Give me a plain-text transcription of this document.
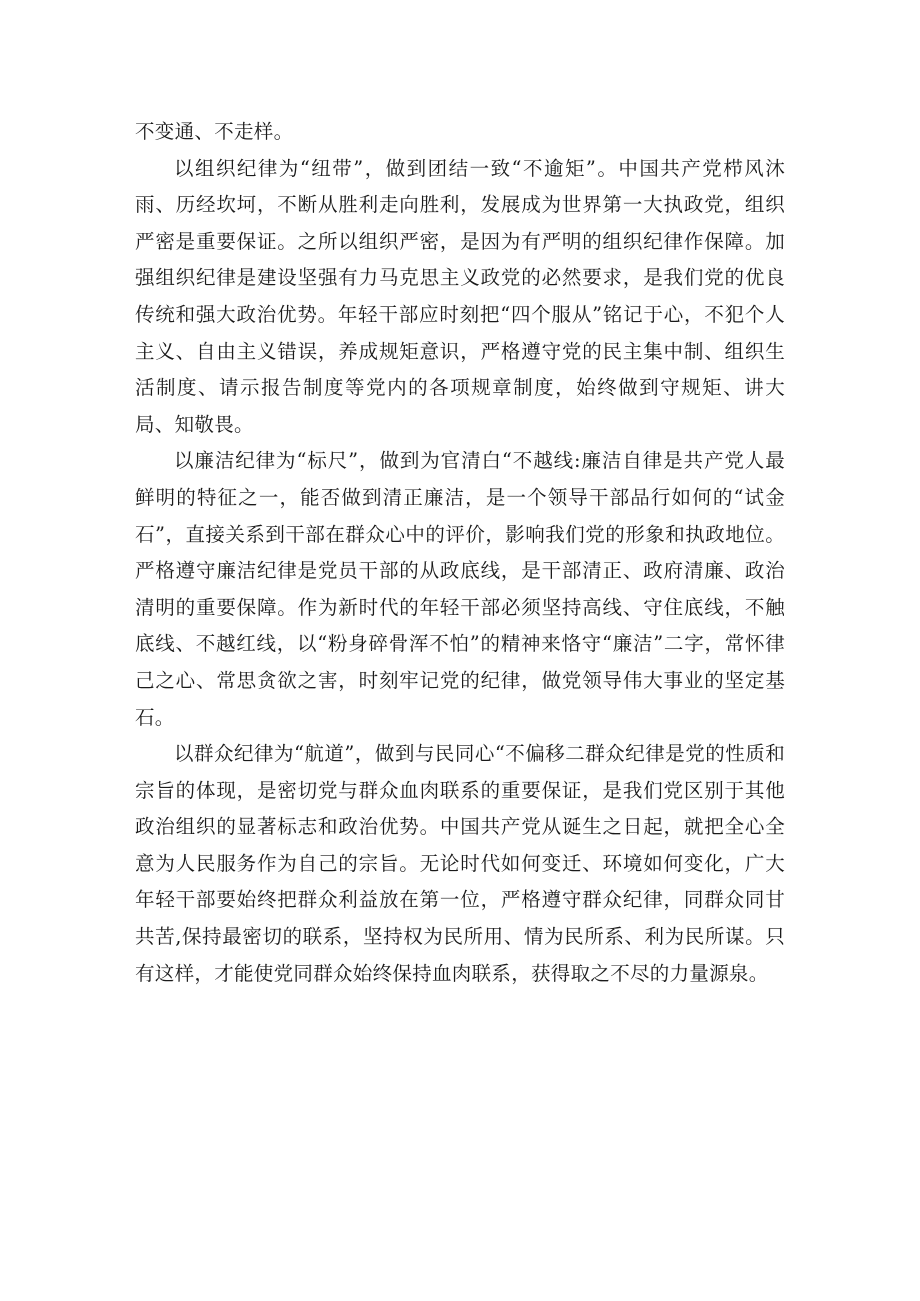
不变通、不走样。

以组织纪律为“纽带”，做到团结一致“不逾矩”。中国共产党栉风沐雨、历经坎坷，不断从胜利走向胜利，发展成为世界第一大执政党，组织严密是重要保证。之所以组织严密，是因为有严明的组织纪律作保障。加强组织纪律是建设坚强有力马克思主义政党的必然要求，是我们党的优良传统和强大政治优势。年轻干部应时刻把“四个服从”铭记于心，不犯个人主义、自由主义错误，养成规矩意识，严格遵守党的民主集中制、组织生活制度、请示报告制度等党内的各项规章制度，始终做到守规矩、讲大局、知敬畏。

以廉洁纪律为“标尺”，做到为官清白“不越线:廉洁自律是共产党人最鲜明的特征之一，能否做到清正廉洁，是一个领导干部品行如何的“试金石”，直接关系到干部在群众心中的评价，影响我们党的形象和执政地位。严格遵守廉洁纪律是党员干部的从政底线，是干部清正、政府清廉、政治清明的重要保障。作为新时代的年轻干部必须坚持高线、守住底线，不触底线、不越红线，以“粉身碎骨浑不怕”的精神来恪守“廉洁”二字，常怀律己之心、常思贪欲之害，时刻牢记党的纪律，做党领导伟大事业的坚定基石。

以群众纪律为“航道”，做到与民同心“不偏移二群众纪律是党的性质和宗旨的体现，是密切党与群众血肉联系的重要保证，是我们党区别于其他政治组织的显著标志和政治优势。中国共产党从诞生之日起，就把全心全意为人民服务作为自己的宗旨。无论时代如何变迁、环境如何变化，广大年轻干部要始终把群众利益放在第一位，严格遵守群众纪律，同群众同甘共苦,保持最密切的联系，坚持权为民所用、情为民所系、利为民所谋。只有这样，才能使党同群众始终保持血肉联系，获得取之不尽的力量源泉。
